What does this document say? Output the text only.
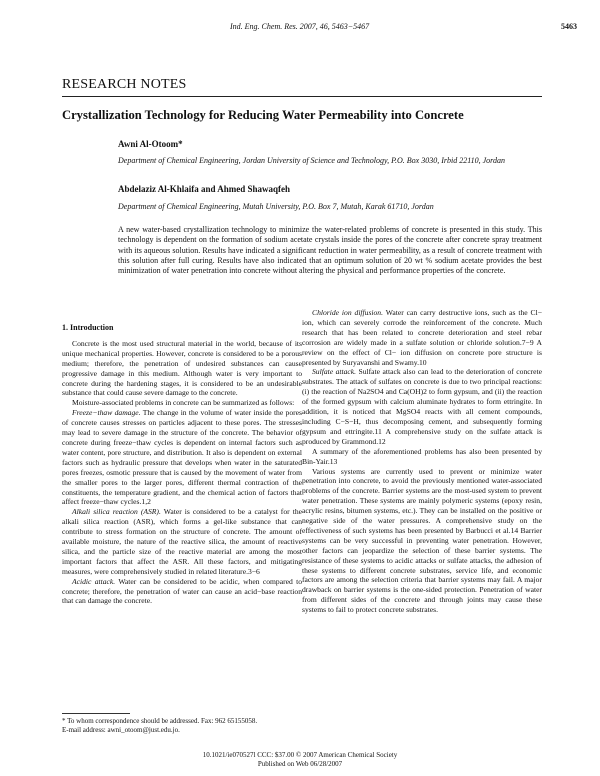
Ind. Eng. Chem. Res. 2007, 46, 5463−5467	5463
RESEARCH NOTES
Crystallization Technology for Reducing Water Permeability into Concrete
Awni Al-Otoom*
Department of Chemical Engineering, Jordan University of Science and Technology, P.O. Box 3030, Irbid 22110, Jordan
Abdelaziz Al-Khlaifa and Ahmed Shawaqfeh
Department of Chemical Engineering, Mutah University, P.O. Box 7, Mutah, Karak 61710, Jordan
A new water-based crystallization technology to minimize the water-related problems of concrete is presented in this study. This technology is dependent on the formation of sodium acetate crystals inside the pores of the concrete after concrete spray treatment with its aqueous solution. Results have indicated a significant reduction in water permeability, as a result of concrete treatment with this solution after full curing. Results have also indicated that an optimum solution of 20 wt % sodium acetate provides the best minimization of water penetration into concrete without altering the physical and performance properties of the concrete.
1. Introduction

Concrete is the most used structural material in the world, because of its unique mechanical properties. However, concrete is considered to be a porous medium; therefore, the penetration of undesired substances can cause progressive damage in this medium. Although water is very important to concrete during the hardening stages, it is considered to be an undesirable substance that could cause severe damage to the concrete.

Moisture-associated problems in concrete can be summarized as follows:

Freeze−thaw damage. The change in the volume of water inside the pores of concrete causes stresses on particles adjacent to these pores. The stresses may lead to severe damage in the structure of the concrete. The behavior of concrete during freeze−thaw cycles is dependent on internal factors such as water content, pore structure, and distribution. It also is dependent on external factors such as hydraulic pressure that develops when water in the saturated pores freezes, osmotic pressure that is caused by the movement of water from the smaller pores to the larger pores, different thermal contraction of the constituents, the temperature gradient, and the chemical action of factors that affect freeze−thaw cycles.1,2

Alkali silica reaction (ASR). Water is considered to be a catalyst for the alkali silica reaction (ASR), which forms a gel-like substance that can contribute to stress formation on the structure of concrete. The amount of available moisture, the nature of the reactive silica, the amount of reactive silica, and the particle size of the reactive material are among the most important factors that affect the ASR. All these factors, and mitigating measures, were comprehensively studied in related literature.3−6

Acidic attack. Water can be considered to be acidic, when compared to concrete; therefore, the penetration of water can cause an acid−base reaction that can damage the concrete.

Chloride ion diffusion. Water can carry destructive ions, such as the Cl− ion, which can severely corrode the reinforcement of the concrete. Much research that has been related to concrete deterioration and steel rebar corrosion are widely made in a sulfate solution or chloride solution.7−9 A review on the effect of Cl− ion diffusion on concrete pore structure is presented by Suryavanshi and Swamy.10

Sulfate attack. Sulfate attack also can lead to the deterioration of concrete substrates. The attack of sulfates on concrete is due to two principal reactions: (i) the reaction of Na2SO4 and Ca(OH)2 to form gypsum, and (ii) the reaction of the formed gypsum with calcium aluminate hydrates to form ettringite. In addition, it is noticed that MgSO4 reacts with all cement compounds, including C−S−H, thus decomposing cement, and subsequently forming gypsum and ettringite.11 A comprehensive study on the sulfate attack is produced by Grammond.12

A summary of the aforementioned problems has also been presented by Bin-Yair.13

Various systems are currently used to prevent or minimize water penetration into concrete, to avoid the previously mentioned water-associated problems of the concrete. Barrier systems are the most-used system to prevent water penetration. These systems are mainly polymeric systems (epoxy resin, acrylic resins, bitumen systems, etc.). They can be installed on the positive or negative side of the water pressures. A comprehensive study on the effectiveness of such systems has been presented by Barbucci et al.14 Barrier systems can be very successful in preventing water penetration. However, other factors can jeopardize the selection of these barrier systems. The resistance of these systems to acidic attacks or sulfate attacks, the adhesion of these systems to different concrete substrates, service life, and economic factors are among the selection criteria that barrier systems may fail. A major drawback on barrier systems is the one-sided protection. Penetration of water from different sides of the concrete and through joints may cause these systems to fail to protect concrete substrates.

* To whom correspondence should be addressed. Fax: 962 65155058.
E-mail address: awni_otoom@just.edu.jo.
10.1021/ie070527l CCC: $37.00 © 2007 American Chemical Society
Published on Web 06/28/2007
